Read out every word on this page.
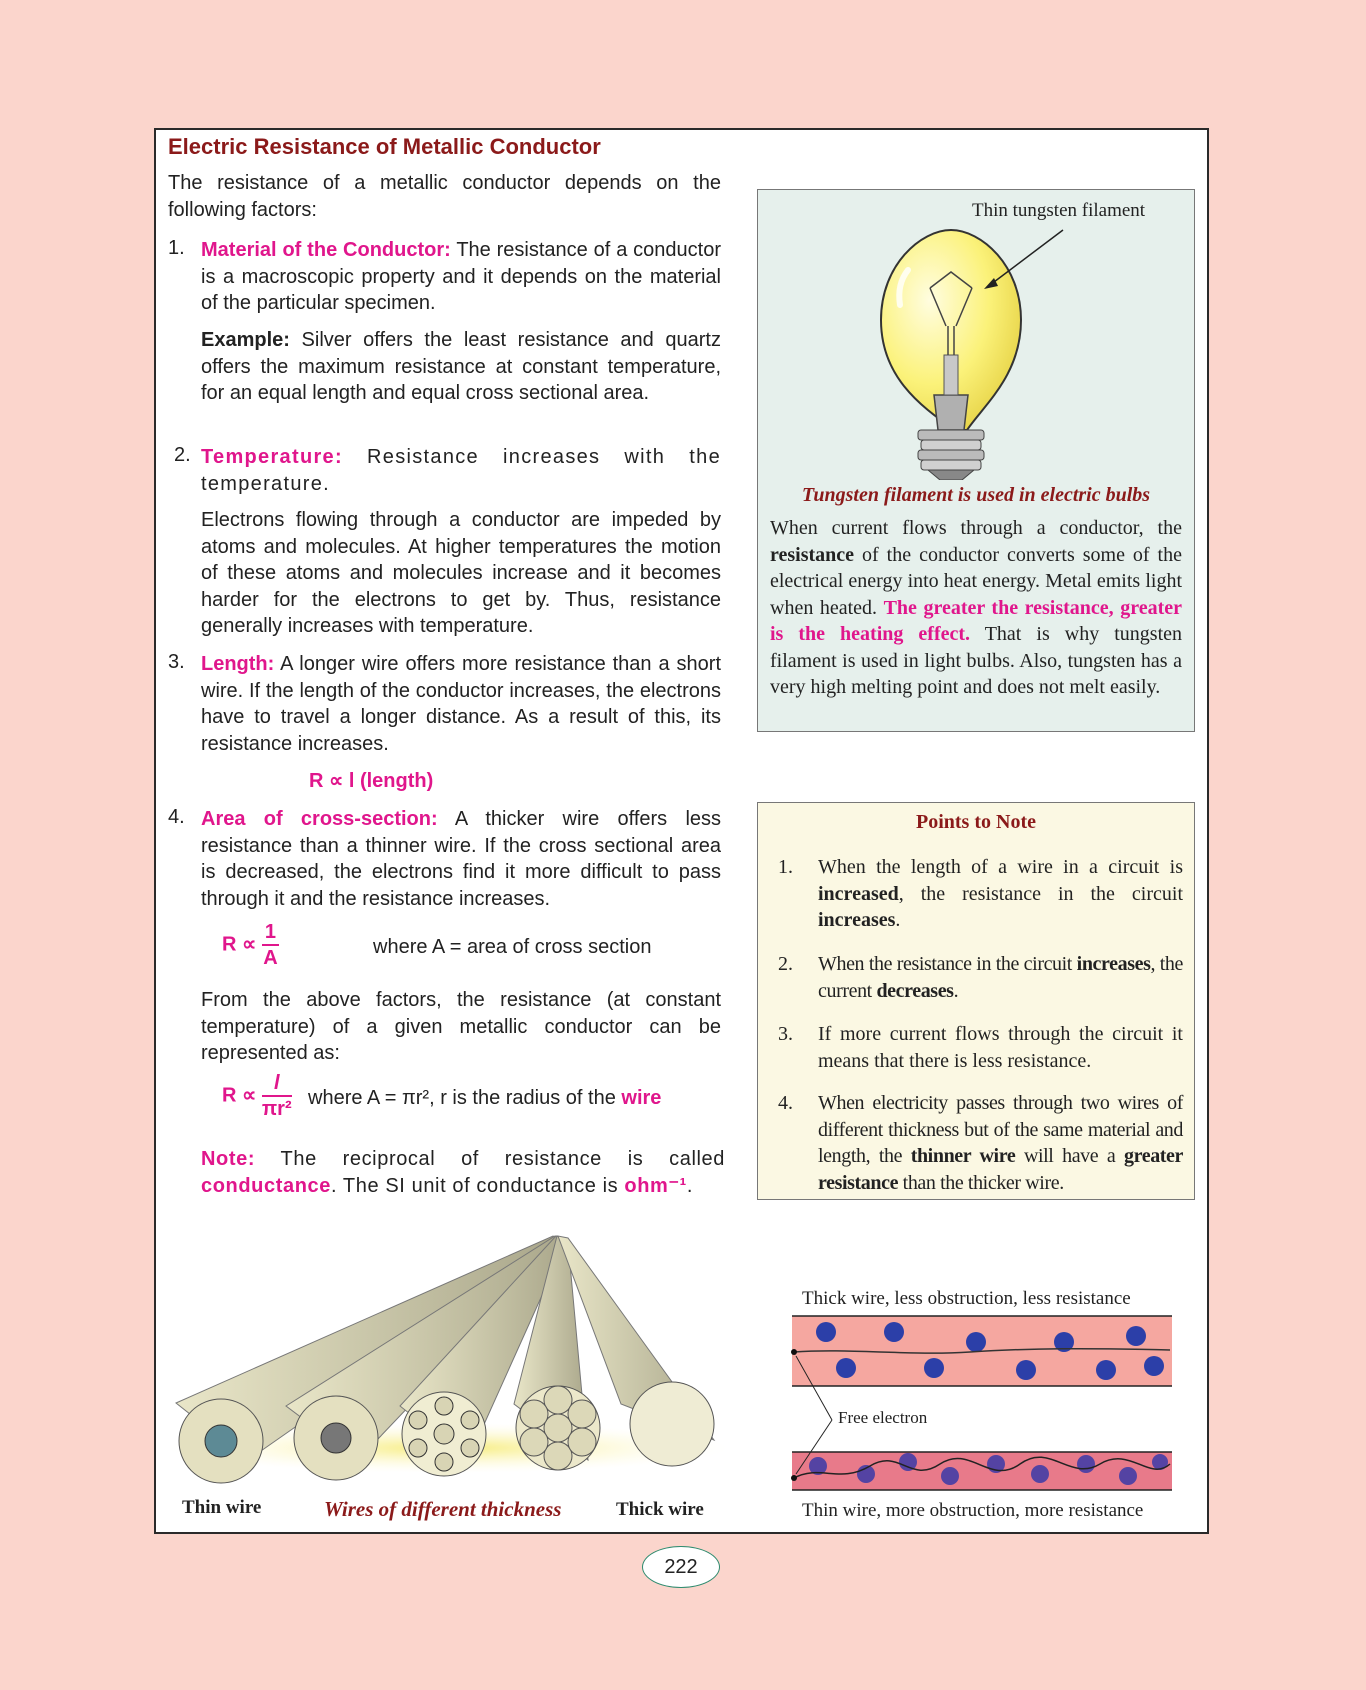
Electric Resistance of Metallic Conductor
The resistance of a metallic conductor depends on the following factors:
1. Material of the Conductor: The resistance of a conductor is a macroscopic property and it depends on the material of the particular specimen.
Example: Silver offers the least resistance and quartz offers the maximum resistance at constant temperature, for an equal length and equal cross sectional area.
2. Temperature: Resistance increases with the temperature.
Electrons flowing through a conductor are impeded by atoms and molecules. At higher temperatures the motion of these atoms and molecules increase and it becomes harder for the electrons to get by. Thus, resistance generally increases with temperature.
3. Length: A longer wire offers more resistance than a short wire. If the length of the conductor increases, the electrons have to travel a longer distance. As a result of this, its resistance increases.
R ∝ l (length)
4. Area of cross-section: A thicker wire offers less resistance than a thinner wire. If the cross sectional area is decreased, the electrons find it more difficult to pass through it and the resistance increases.
$R \propto \frac{1}{A}$	where A = area of cross section
From the above factors, the resistance (at constant temperature) of a given metallic conductor can be represented as:
$R \propto \frac{l}{\text{πr²}}$ where A = πr², r is the radius of the wire
Note: The reciprocal of resistance is called conductance. The SI unit of conductance is ohm⁻¹.
Thin tungsten filament
Tungsten filament is used in electric bulbs
When current flows through a conductor, the resistance of the conductor converts some of the electrical energy into heat energy. Metal emits light when heated. The greater the resistance, greater is the heating effect. That is why tungsten filament is used in light bulbs. Also, tungsten has a very high melting point and does not melt easily.
Points to Note
1. When the length of a wire in a circuit is increased, the resistance in the circuit increases.
2. When the resistance in the circuit increases, the current decreases.
3. If more current flows through the circuit it means that there is less resistance.
4. When electricity passes through two wires of different thickness but of the same material and length, the thinner wire will have a greater resistance than the thicker wire.
Thin wire	Wires of different thickness	Thick wire
Thick wire, less obstruction, less resistance
Free electron
Thin wire, more obstruction, more resistance
222
